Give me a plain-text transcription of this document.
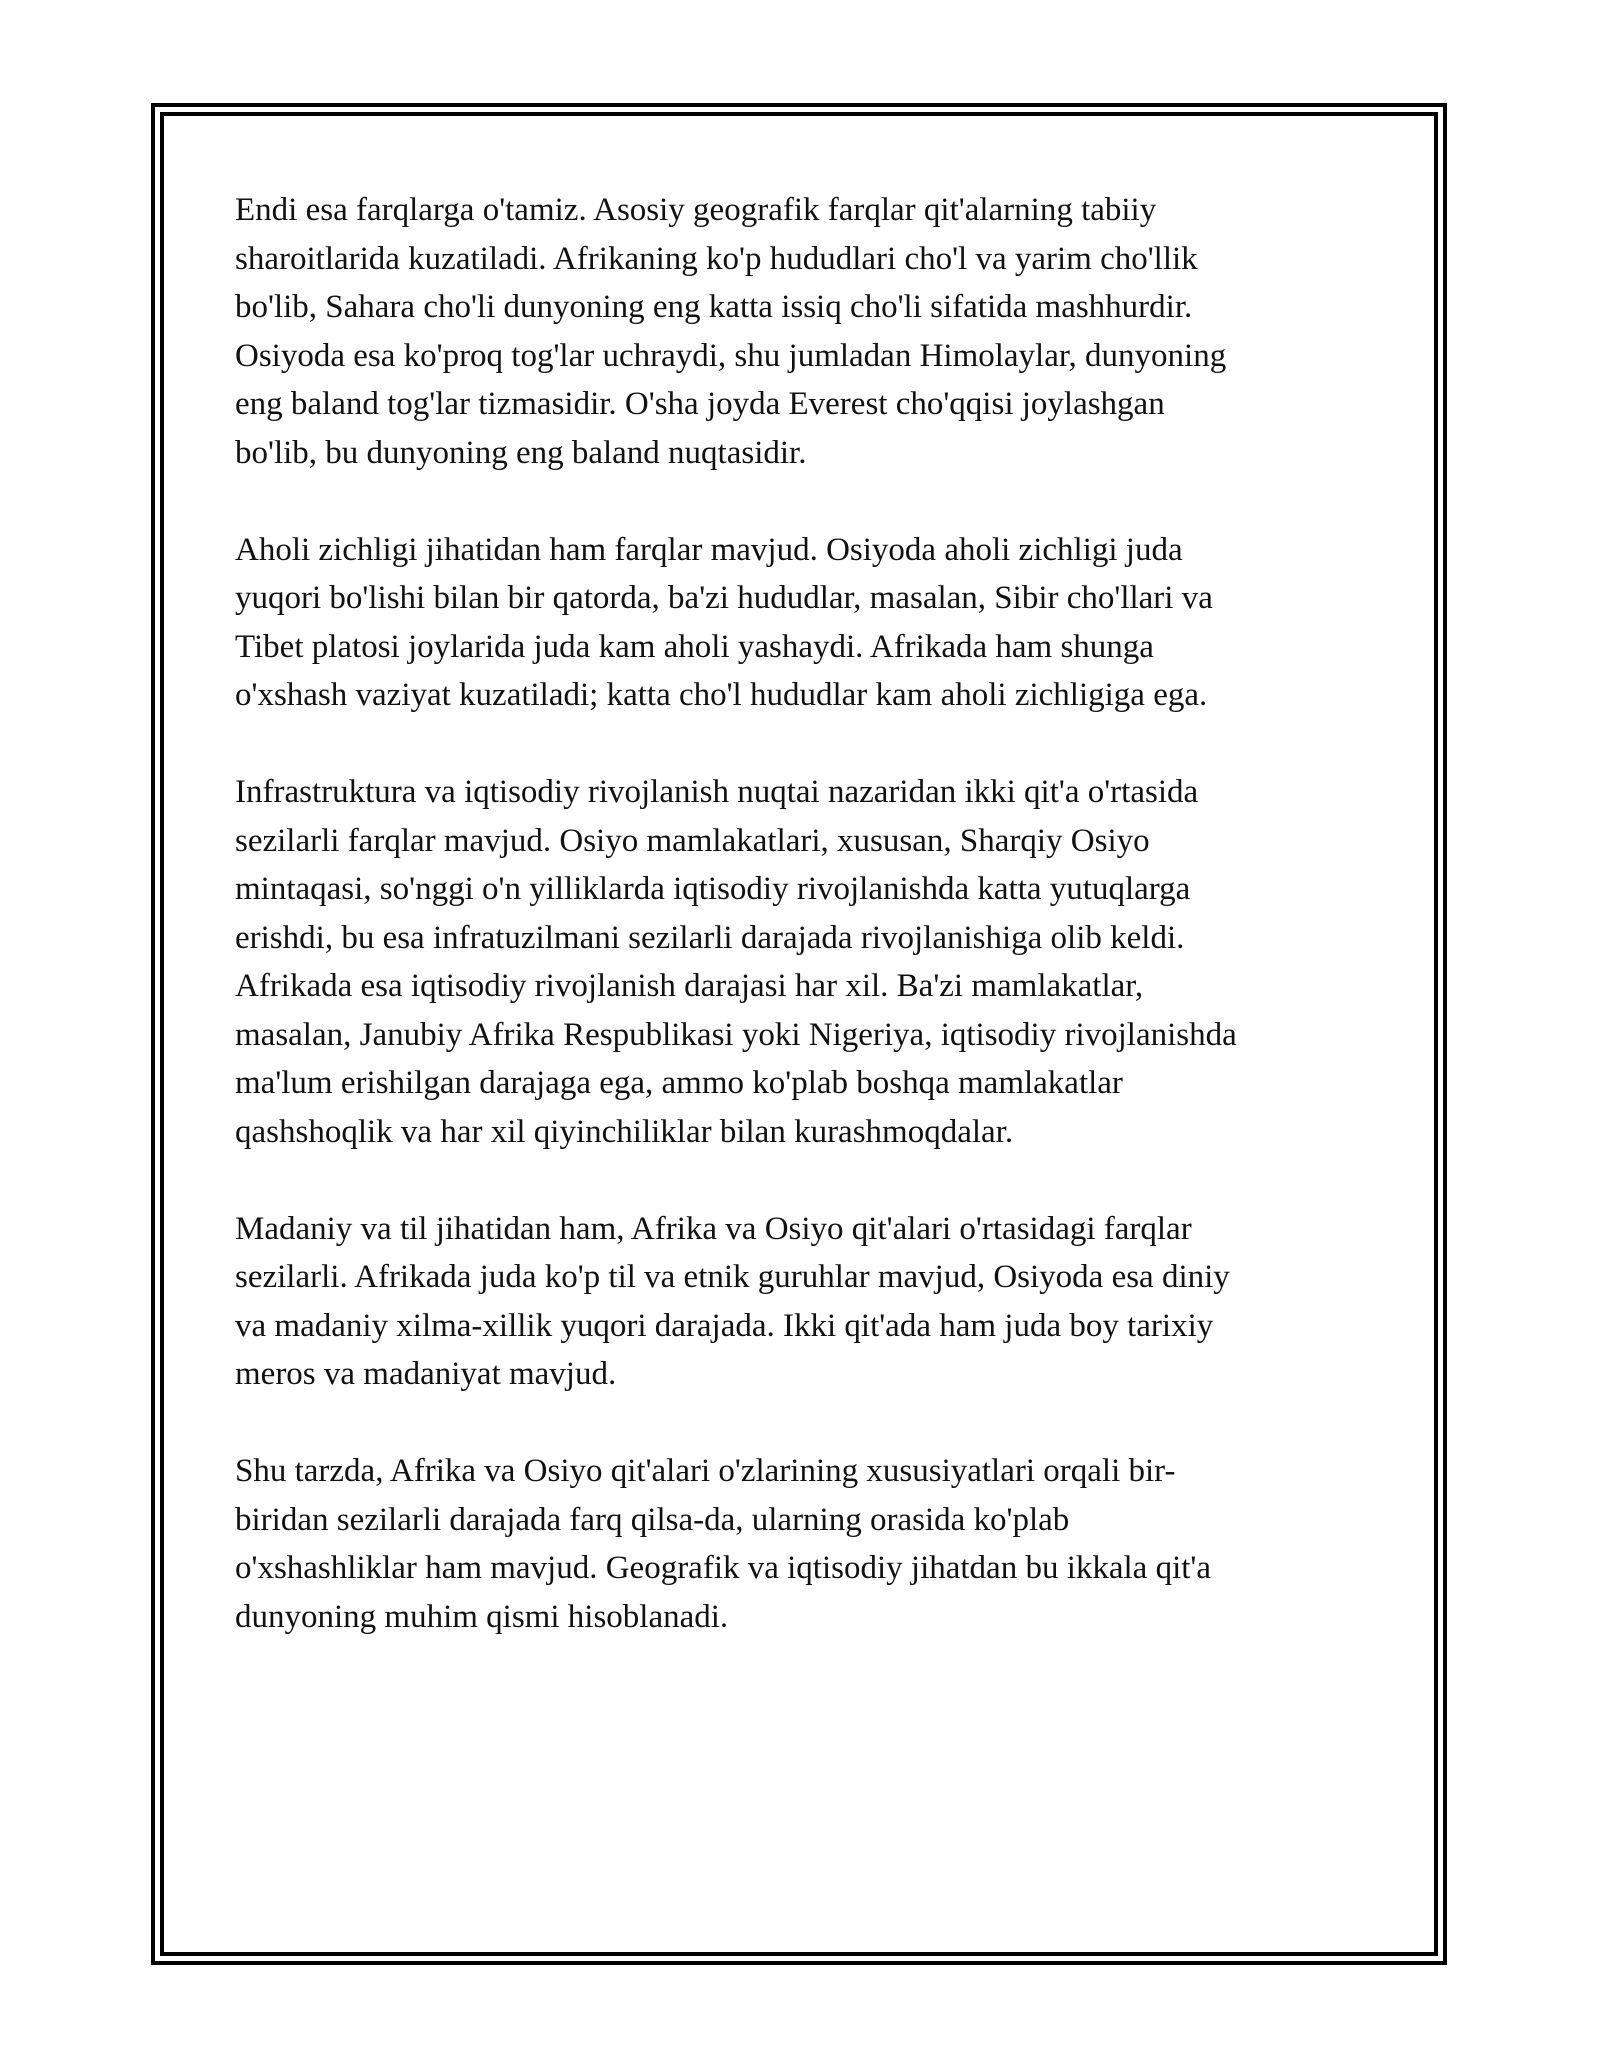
Endi esa farqlarga o'tamiz. Asosiy geografik farqlar qit'alarning tabiiy
sharoitlarida kuzatiladi. Afrikaning ko'p hududlari cho'l va yarim cho'llik
bo'lib, Sahara cho'li dunyoning eng katta issiq cho'li sifatida mashhurdir.
Osiyoda esa ko'proq tog'lar uchraydi, shu jumladan Himolaylar, dunyoning
eng baland tog'lar tizmasidir. O'sha joyda Everest cho'qqisi joylashgan
bo'lib, bu dunyoning eng baland nuqtasidir.

Aholi zichligi jihatidan ham farqlar mavjud. Osiyoda aholi zichligi juda
yuqori bo'lishi bilan bir qatorda, ba'zi hududlar, masalan, Sibir cho'llari va
Tibet platosi joylarida juda kam aholi yashaydi. Afrikada ham shunga
o'xshash vaziyat kuzatiladi; katta cho'l hududlar kam aholi zichligiga ega.

Infrastruktura va iqtisodiy rivojlanish nuqtai nazaridan ikki qit'a o'rtasida
sezilarli farqlar mavjud. Osiyo mamlakatlari, xususan, Sharqiy Osiyo
mintaqasi, so'nggi o'n yilliklarda iqtisodiy rivojlanishda katta yutuqlarga
erishdi, bu esa infratuzilmani sezilarli darajada rivojlanishiga olib keldi.
Afrikada esa iqtisodiy rivojlanish darajasi har xil. Ba'zi mamlakatlar,
masalan, Janubiy Afrika Respublikasi yoki Nigeriya, iqtisodiy rivojlanishda
ma'lum erishilgan darajaga ega, ammo ko'plab boshqa mamlakatlar
qashshoqlik va har xil qiyinchiliklar bilan kurashmoqdalar.

Madaniy va til jihatidan ham, Afrika va Osiyo qit'alari o'rtasidagi farqlar
sezilarli. Afrikada juda ko'p til va etnik guruhlar mavjud, Osiyoda esa diniy
va madaniy xilma-xillik yuqori darajada. Ikki qit'ada ham juda boy tarixiy
meros va madaniyat mavjud.

Shu tarzda, Afrika va Osiyo qit'alari o'zlarining xususiyatlari orqali bir-
biridan sezilarli darajada farq qilsa-da, ularning orasida ko'plab
o'xshashliklar ham mavjud. Geografik va iqtisodiy jihatdan bu ikkala qit'a
dunyoning muhim qismi hisoblanadi.
